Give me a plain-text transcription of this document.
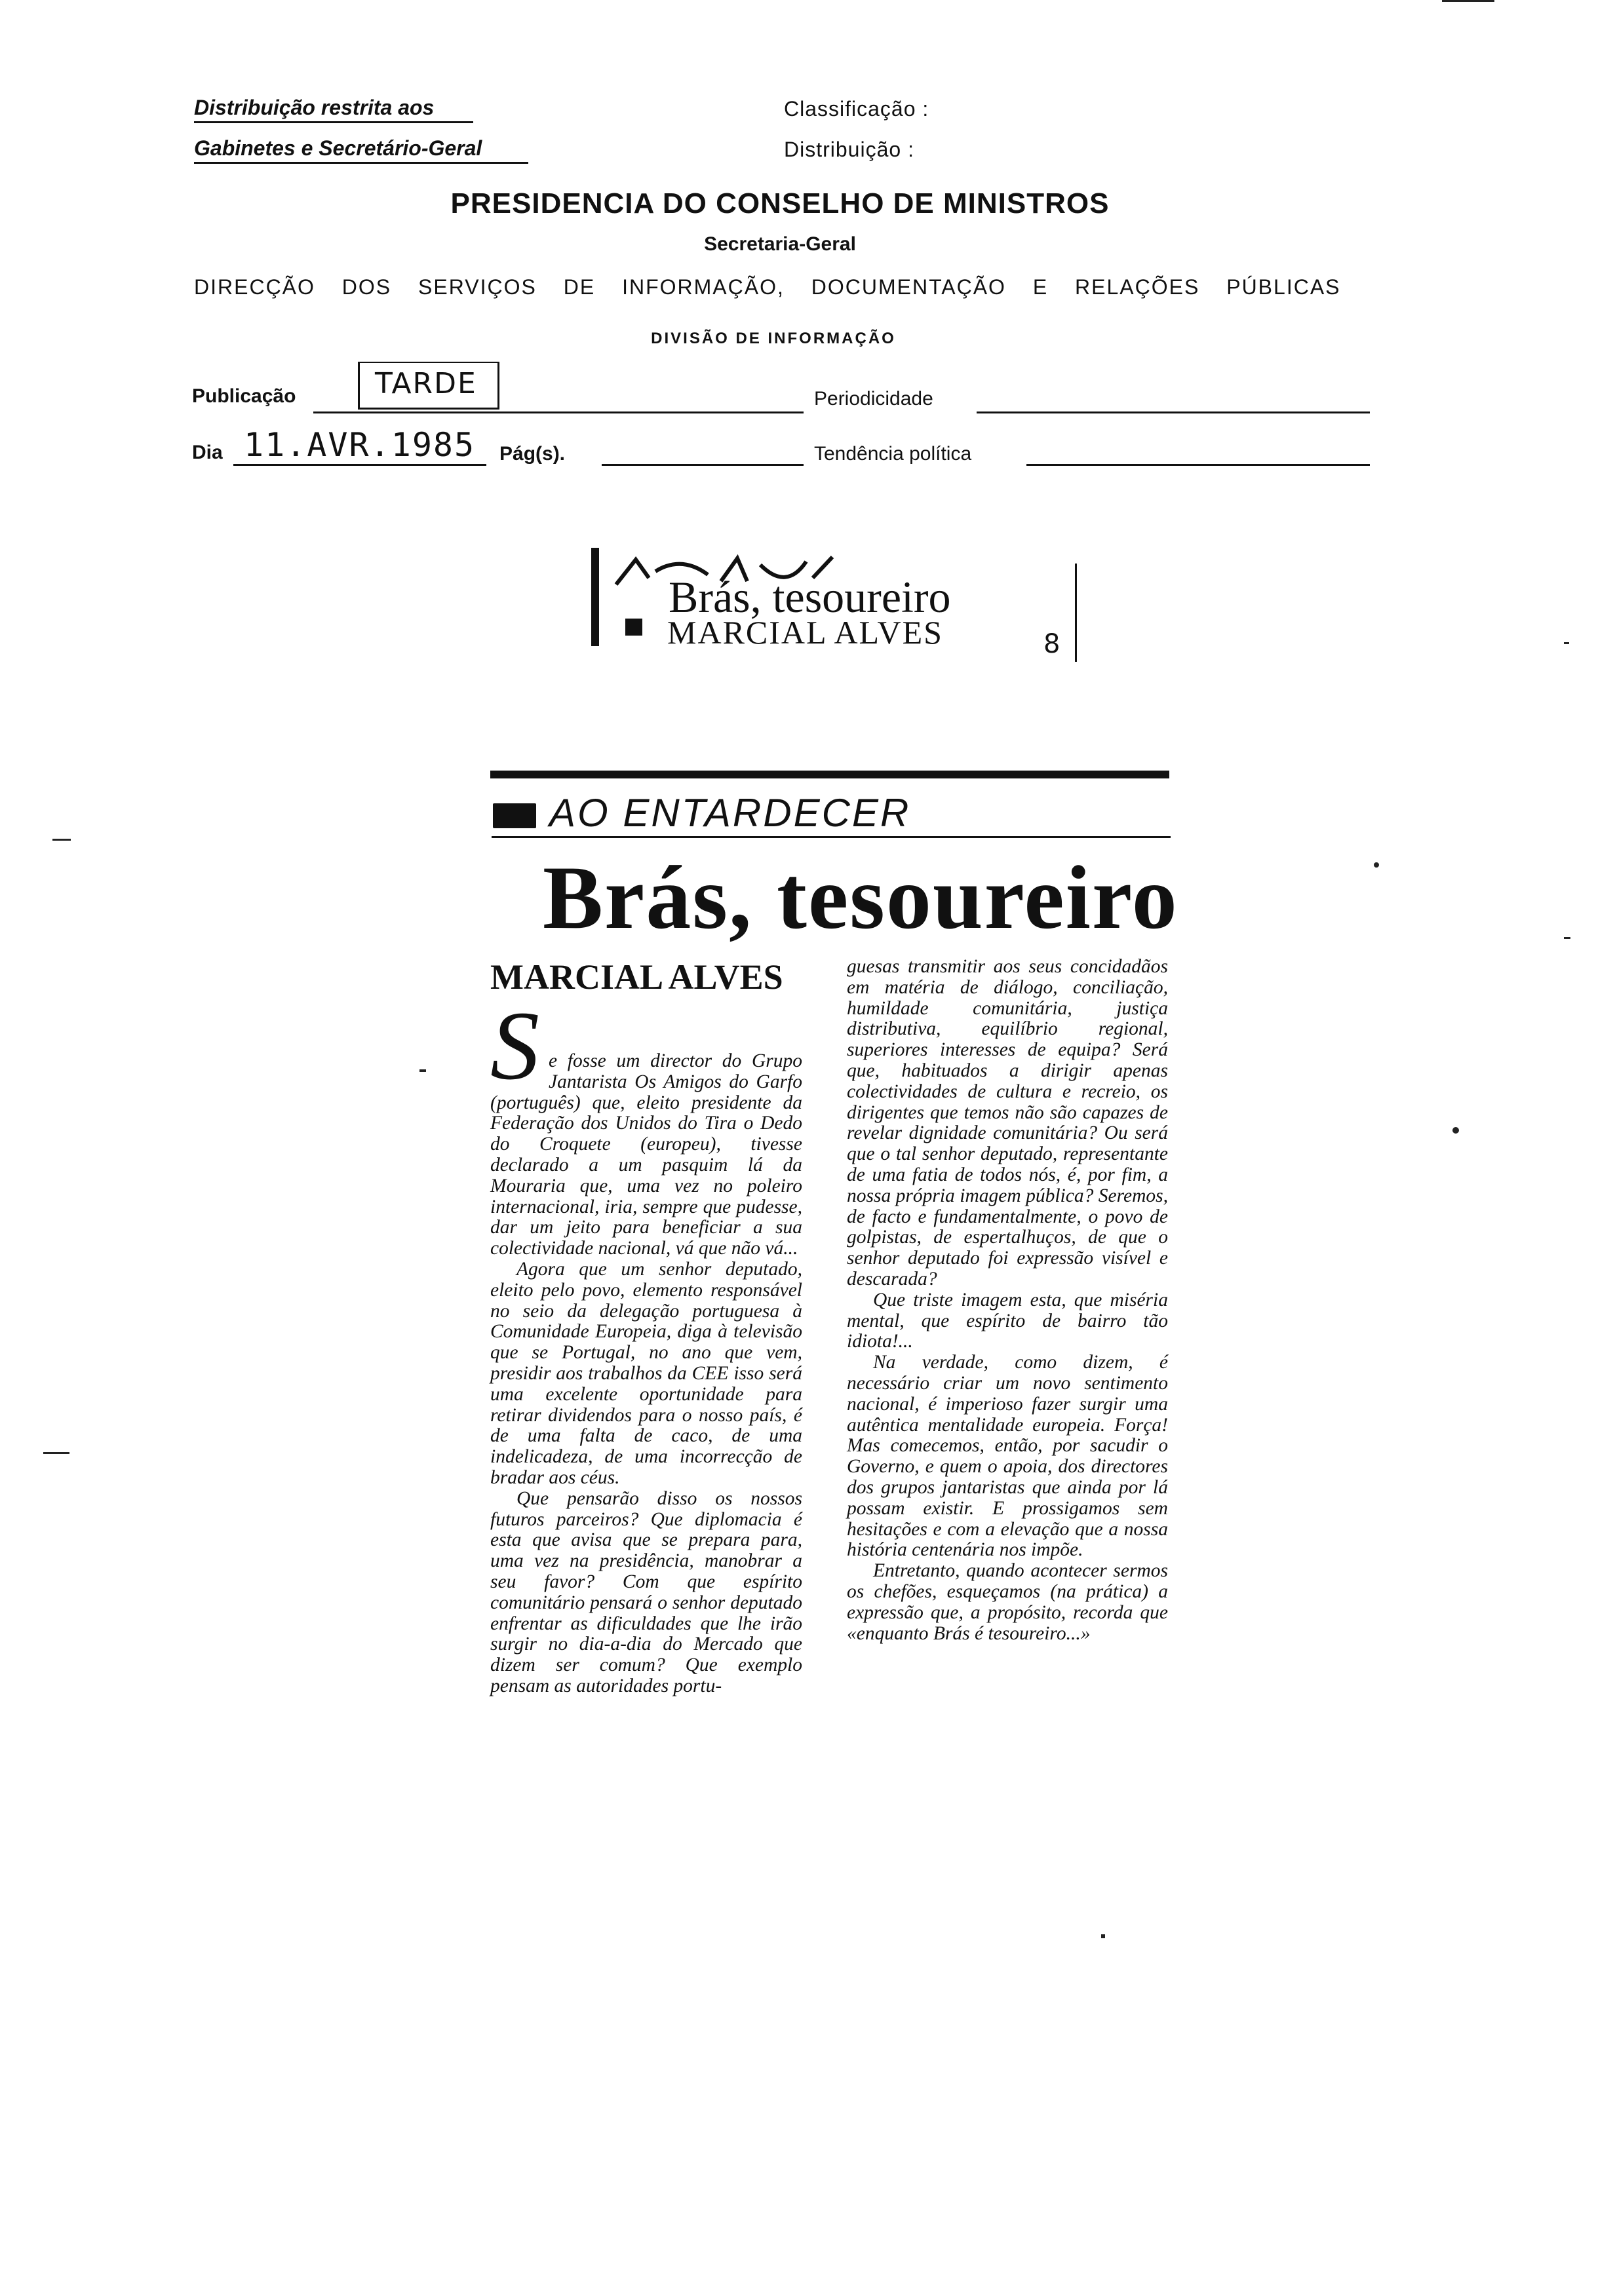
Distribuição restrita aos
Gabinetes e Secretário-Geral
Classificação :
Distribuição :
PRESIDENCIA DO CONSELHO DE MINISTROS
Secretaria-Geral
DIRECÇÃO DOS SERVIÇOS DE INFORMAÇÃO, DOCUMENTAÇÃO E RELAÇÕES PÚBLICAS
DIVISÃO DE INFORMAÇÃO
Publicação	TARDE	Periodicidade
Dia 11.AVR.1985 Pág(s).	Tendência política
Brás, tesoureiro
MARCIAL ALVES	8
AO ENTARDECER
Brás, tesoureiro
MARCIAL ALVES
S e fosse um director do Grupo Jantarista Os Amigos do Garfo (português) que, eleito presidente da Federação dos Unidos do Tira o Dedo do Croquete (europeu), tivesse declarado a um pasquim lá da Mouraria que, uma vez no poleiro internacional, iria, sempre que pudesse, dar um jeito para beneficiar a sua colectividade nacional, vá que não vá...

Agora que um senhor deputado, eleito pelo povo, elemento responsável no seio da delegação portuguesa à Comunidade Europeia, diga à televisão que se Portugal, no ano que vem, presidir aos trabalhos da CEE isso será uma excelente oportunidade para retirar dividendos para o nosso país, é de uma falta de caco, de uma indelicadeza, de uma incorrecção de bradar aos céus.

Que pensarão disso os nossos futuros parceiros? Que diplomacia é esta que avisa que se prepara para, uma vez na presidência, manobrar a seu favor? Com que espírito comunitário pensará o senhor deputado enfrentar as dificuldades que lhe irão surgir no dia-a-dia do Mercado que dizem ser comum? Que exemplo pensam as autoridades portu-

guesas transmitir aos seus concidadãos em matéria de diálogo, conciliação, humildade comunitária, justiça distributiva, equilíbrio regional, superiores interesses de equipa? Será que, habituados a dirigir apenas colectividades de cultura e recreio, os dirigentes que temos não são capazes de revelar dignidade comunitária? Ou será que o tal senhor deputado, representante de uma fatia de todos nós, é, por fim, a nossa própria imagem pública? Seremos, de facto e fundamentalmente, o povo de golpistas, de espertalhuços, de que o senhor deputado foi expressão visível e descarada?

Que triste imagem esta, que miséria mental, que espírito de bairro tão idiota!...

Na verdade, como dizem, é necessário criar um novo sentimento nacional, é imperioso fazer surgir uma autêntica mentalidade europeia. Força! Mas comecemos, então, por sacudir o Governo, e quem o apoia, dos directores dos grupos jantaristas que ainda por lá possam existir. E prossigamos sem hesitações e com a elevação que a nossa história centenária nos impõe.

Entretanto, quando acontecer sermos os chefões, esqueçamos (na prática) a expressão que, a propósito, recorda que «enquanto Brás é tesoureiro...»
